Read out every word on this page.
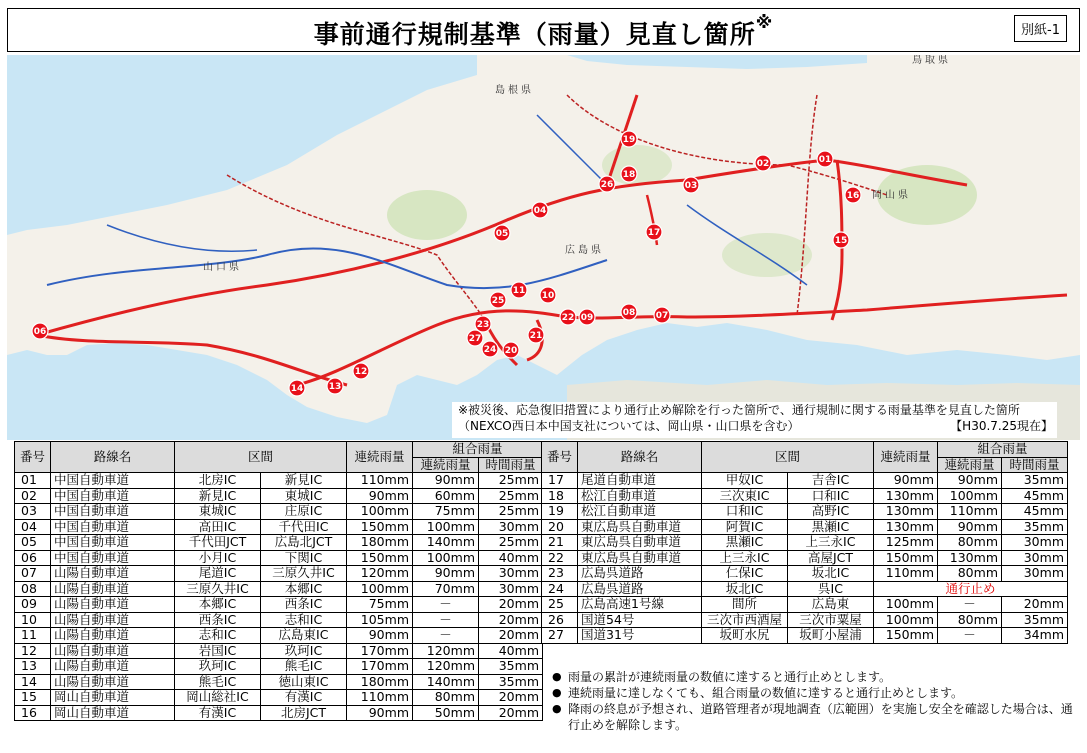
事前通行規制基準（雨量）見直し箇所※	別紙-1
島根県
鳥取県
広島県
岡山県
山口県
01
02
03
04
05
06
07
08
09
10
11
12
13
14
15
16
17
18
19
20
21
22
23
24
25
26
27
※被災後、応急復旧措置により通行止め解除を行った箇所で、通行規制に関する雨量基準を見直した箇所
（NEXCO西日本中国支社については、岡山県・山口県を含む）	【H30.7.25現在】
番号	路線名	区間		連続雨量	組合雨量	
					連続雨量	時間雨量
01	中国自動車道	北房IC	新見IC	110mm	90mm	25mm
02	中国自動車道	新見IC	東城IC	90mm	60mm	25mm
03	中国自動車道	東城IC	庄原IC	100mm	75mm	25mm
04	中国自動車道	高田IC	千代田IC	150mm	100mm	30mm
05	中国自動車道	千代田JCT	広島北JCT	180mm	140mm	25mm
06	中国自動車道	小月IC	下関IC	150mm	100mm	40mm
07	山陽自動車道	尾道IC	三原久井IC	120mm	90mm	30mm
08	山陽自動車道	三原久井IC	本郷IC	100mm	70mm	30mm
09	山陽自動車道	本郷IC	西条IC	75mm	－	20mm
10	山陽自動車道	西条IC	志和IC	105mm	－	20mm
11	山陽自動車道	志和IC	広島東IC	90mm	－	20mm
12	山陽自動車道	岩国IC	玖珂IC	170mm	120mm	40mm
13	山陽自動車道	玖珂IC	熊毛IC	170mm	120mm	35mm
14	山陽自動車道	熊毛IC	徳山東IC	180mm	140mm	35mm
15	岡山自動車道	岡山総社IC	有漢IC	110mm	80mm	20mm
16	岡山自動車道	有漢IC	北房JCT	90mm	50mm	20mm
番号	路線名	区間		連続雨量	組合雨量	
					連続雨量	時間雨量
17	尾道自動車道	甲奴IC	吉舎IC	90mm	90mm	35mm
18	松江自動車道	三次東IC	口和IC	130mm	100mm	45mm
19	松江自動車道	口和IC	高野IC	130mm	110mm	45mm
20	東広島呉自動車道	阿賀IC	黒瀬IC	130mm	90mm	35mm
21	東広島呉自動車道	黒瀬IC	上三永IC	125mm	80mm	30mm
22	東広島呉自動車道	上三永IC	高屋JCT	150mm	130mm	30mm
23	広島呉道路	仁保IC	坂北IC	110mm	80mm	30mm
24	広島呉道路	坂北IC	呉IC	通行止め		
25	広島高速1号線	間所	広島東	100mm	－	20mm
26	国道54号	三次市西酒屋	三次市粟屋	100mm	80mm	35mm
27	国道31号	坂町水尻	坂町小屋浦	150mm	－	34mm
● 雨量の累計が連続雨量の数値に達すると通行止めとします。
● 連続雨量に達しなくても、組合雨量の数値に達すると通行止めとします。
● 降雨の終息が予想され、道路管理者が現地調査（広範囲）を実施し安全を確認した場合は、通行止めを解除します。
